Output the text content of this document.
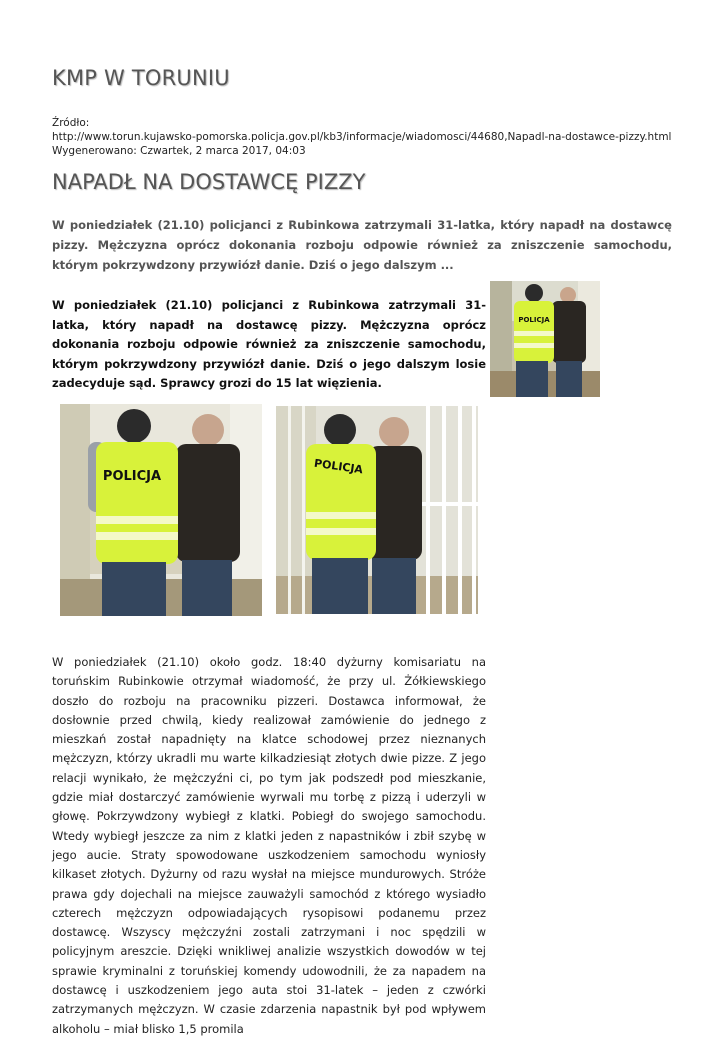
KMP W TORUNIU
Źródło:
http://www.torun.kujawsko-pomorska.policja.gov.pl/kb3/informacje/wiadomosci/44680,Napadl-na-dostawce-pizzy.html
Wygenerowano: Czwartek, 2 marca 2017, 04:03
NAPADŁ NA DOSTAWCĘ PIZZY
W poniedziałek (21.10) policjanci z Rubinkowa zatrzymali 31-latka, który napadł na dostawcę pizzy. Mężczyzna oprócz dokonania rozboju odpowie również za zniszczenie samochodu, którym pokrzywdzony przywiózł danie. Dziś o jego dalszym ...
W poniedziałek (21.10) policjanci z Rubinkowa zatrzymali 31-latka, który napadł na dostawcę pizzy. Mężczyzna oprócz dokonania rozboju odpowie również za zniszczenie samochodu, którym pokrzywdzony przywiózł danie. Dziś o jego dalszym losie zadecyduje sąd. Sprawcy grozi do 15 lat więzienia.
POLICJA
POLICJA
POLICJA
W poniedziałek (21.10) około godz. 18:40 dyżurny komisariatu na toruńskim Rubinkowie otrzymał wiadomość, że przy ul. Żółkiewskiego doszło do rozboju na pracowniku pizzeri. Dostawca informował, że dosłownie przed chwilą, kiedy realizował zamówienie do jednego z mieszkań został napadnięty na klatce schodowej przez nieznanych mężczyzn, którzy ukradli mu warte kilkadziesiąt złotych dwie pizze. Z jego relacji wynikało, że mężczyźni ci, po tym jak podszedł pod mieszkanie, gdzie miał dostarczyć zamówienie wyrwali mu torbę z pizzą i uderzyli w głowę. Pokrzywdzony wybiegł z klatki. Pobiegł do swojego samochodu. Wtedy wybiegł jeszcze za nim z klatki jeden z napastników i zbił szybę w jego aucie. Straty spowodowane uszkodzeniem samochodu wyniosły kilkaset złotych. Dyżurny od razu wysłał na miejsce mundurowych. Stróże prawa gdy dojechali na miejsce zauważyli samochód z którego wysiadło czterech mężczyzn odpowiadających rysopisowi podanemu przez dostawcę. Wszyscy mężczyźni zostali zatrzymani i noc spędzili w policyjnym areszcie. Dzięki wnikliwej analizie wszystkich dowodów w tej sprawie kryminalni z toruńskiej komendy udowodnili, że za napadem na dostawcę i uszkodzeniem jego auta stoi 31-latek – jeden z czwórki zatrzymanych mężczyzn. W czasie zdarzenia napastnik był pod wpływem alkoholu – miał blisko 1,5 promila
